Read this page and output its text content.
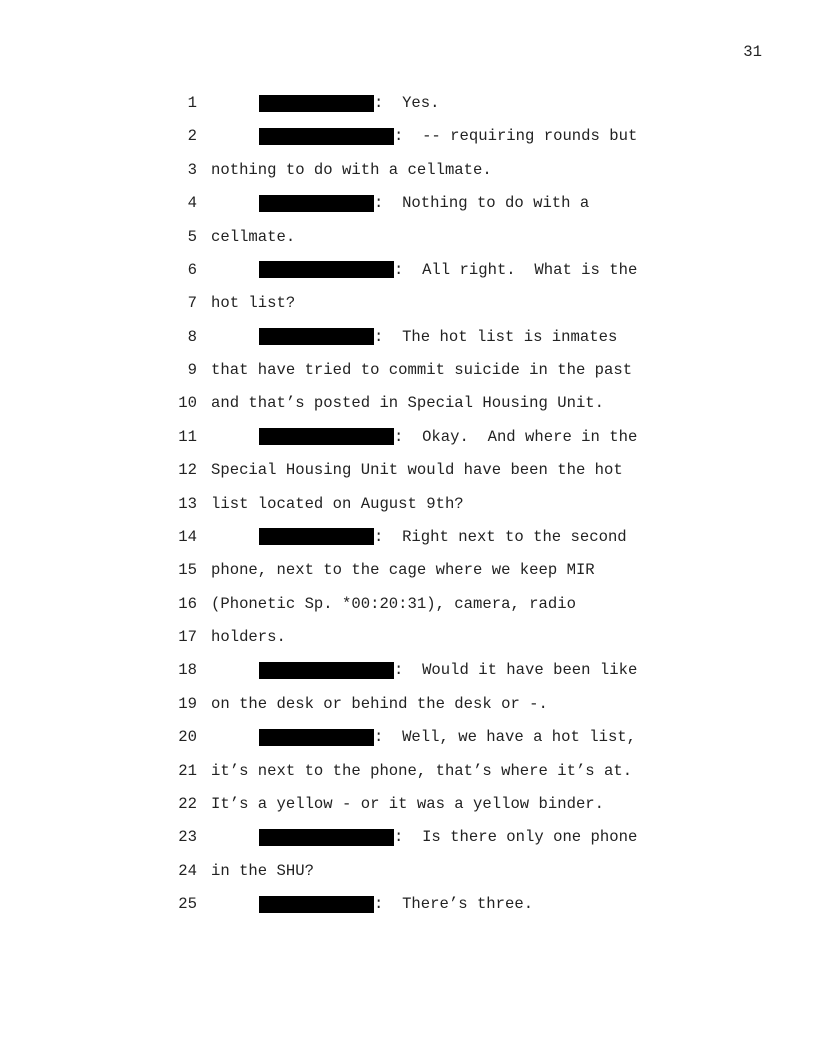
31
1	: Yes.
2	: -- requiring rounds but
3 nothing to do with a cellmate.
4	: Nothing to do with a
5 cellmate.
6	: All right.  What is the
7 hot list?
8	: The hot list is inmates
9 that have tried to commit suicide in the past
10 and that’s posted in Special Housing Unit.
11	: Okay.  And where in the
12 Special Housing Unit would have been the hot
13 list located on August 9th?
14	: Right next to the second
15 phone, next to the cage where we keep MIR
16 (Phonetic Sp. *00:20:31), camera, radio
17 holders.
18	: Would it have been like
19 on the desk or behind the desk or -.
20	: Well, we have a hot list,
21 it’s next to the phone, that’s where it’s at.
22 It’s a yellow - or it was a yellow binder.
23	: Is there only one phone
24 in the SHU?
25	: There’s three.
